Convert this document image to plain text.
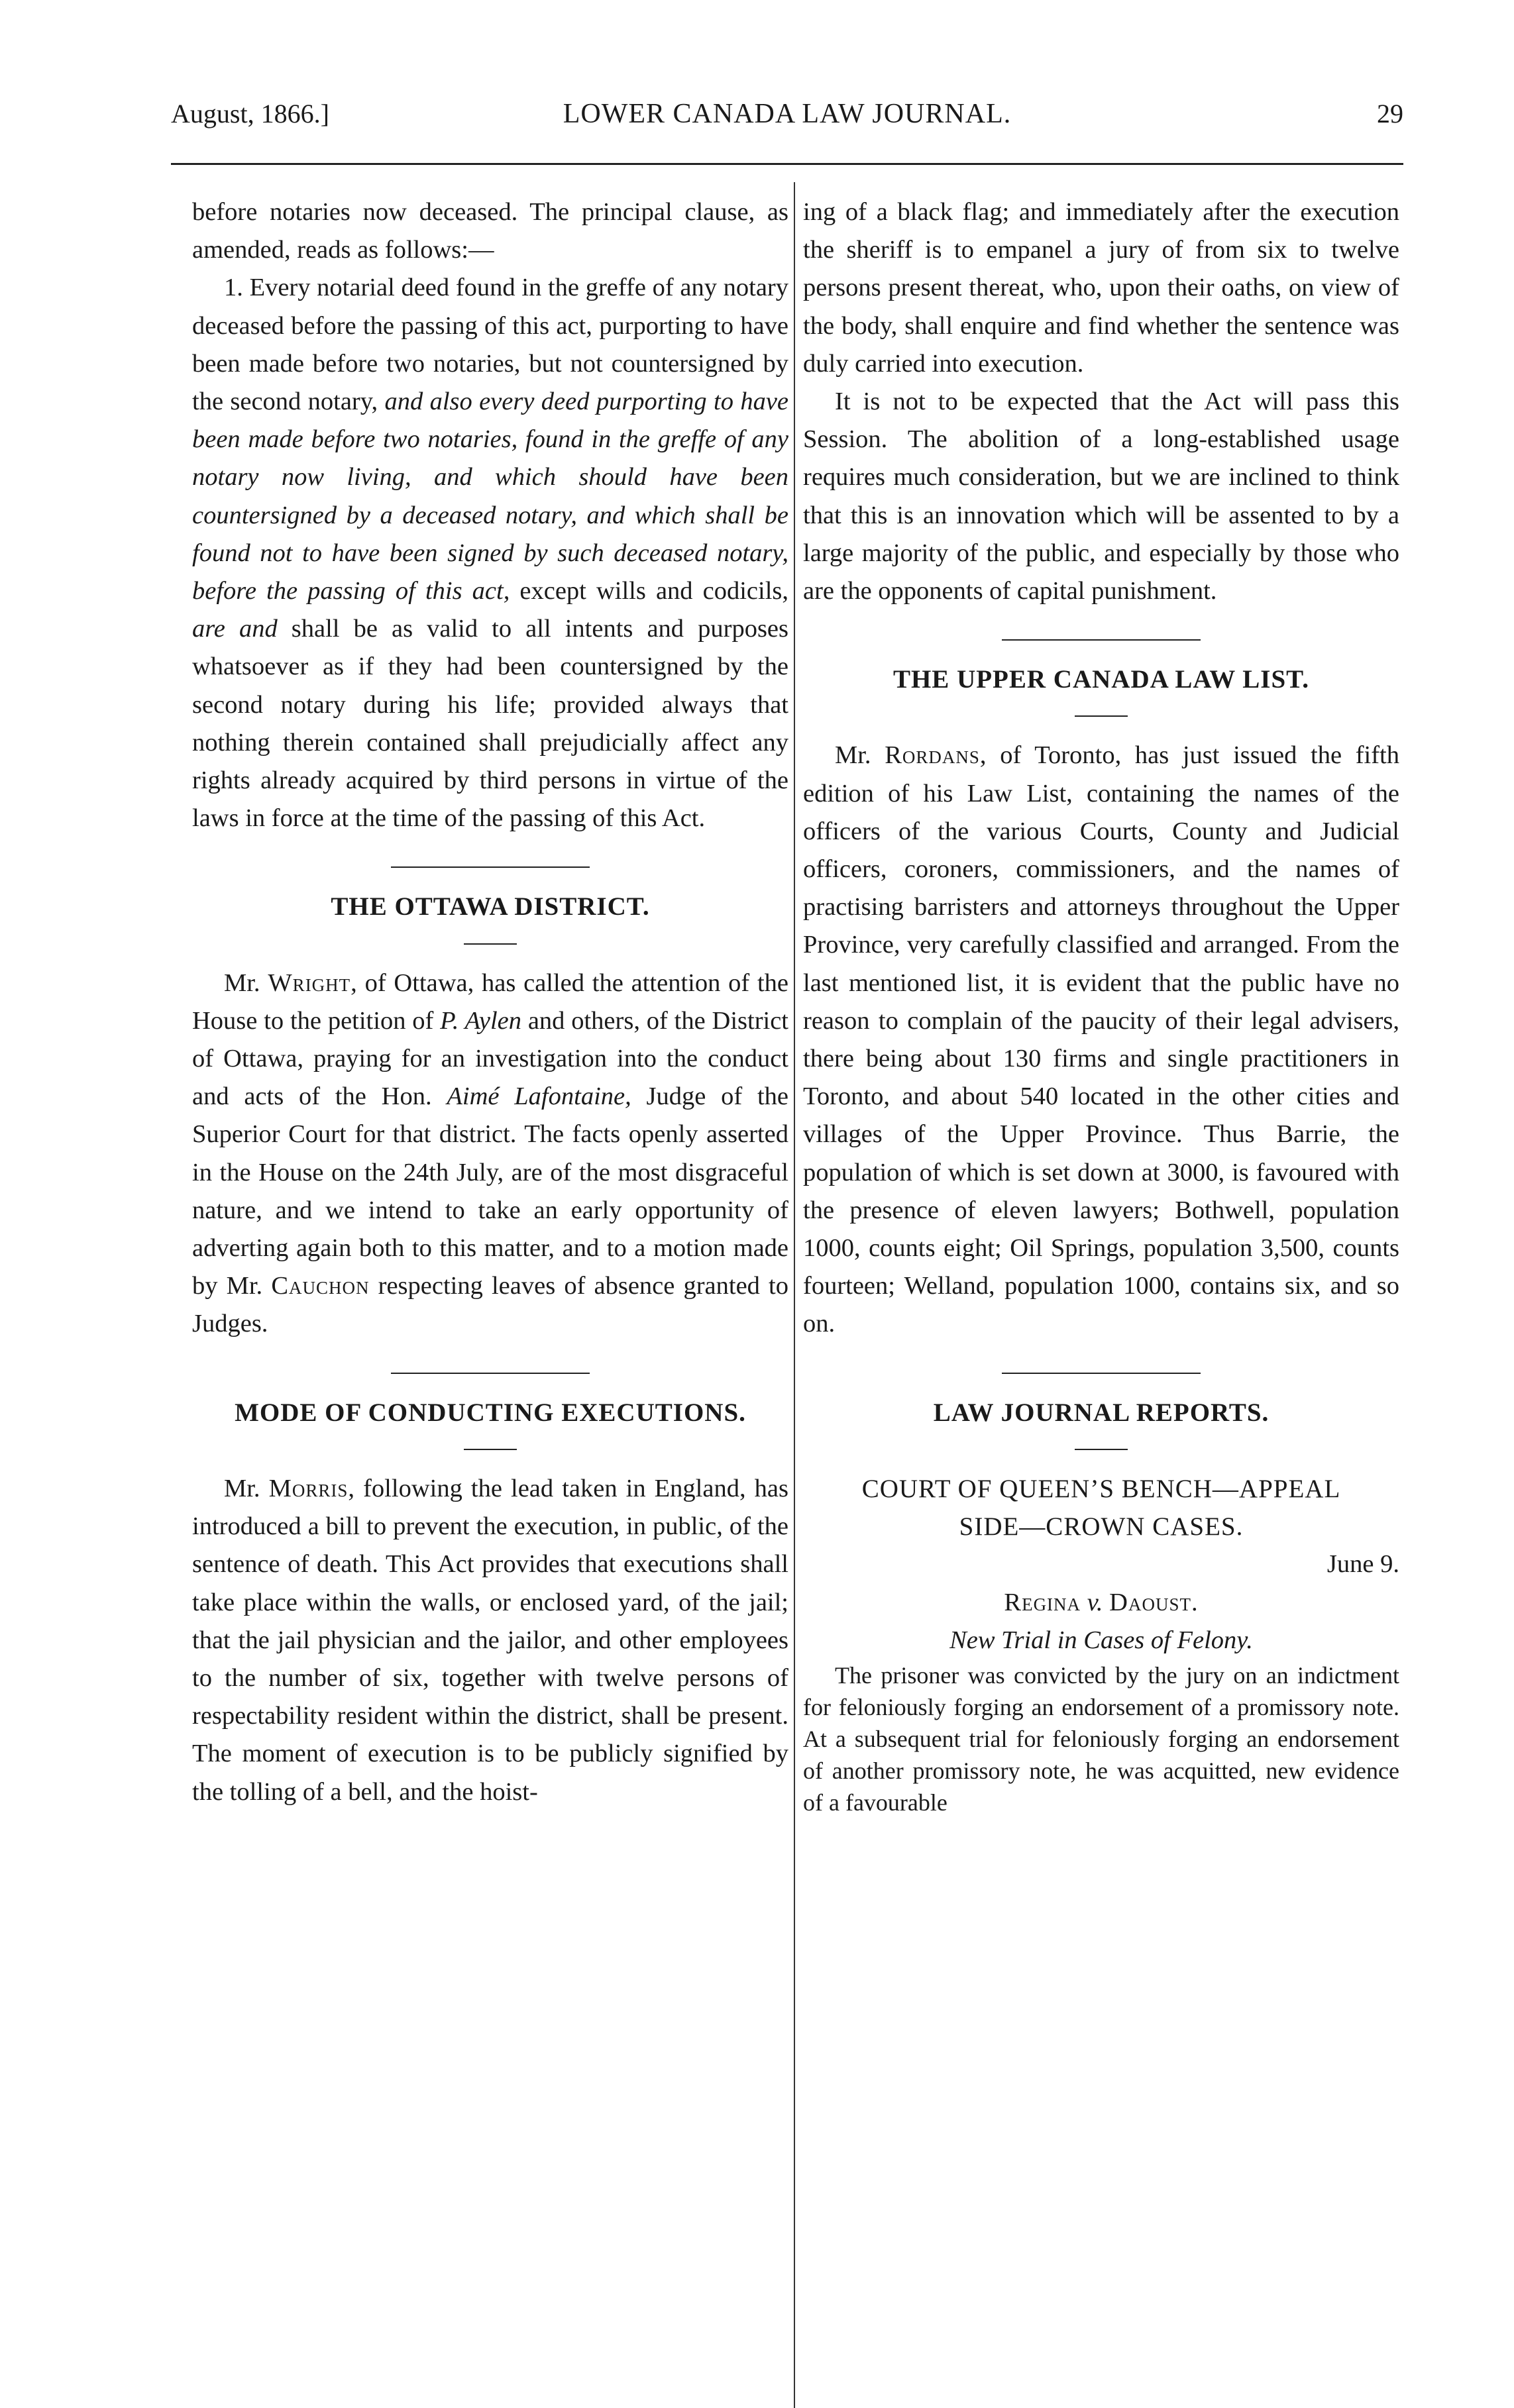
August, 1866.]	LOWER CANADA LAW JOURNAL.	29

before notaries now deceased. The principal clause, as amended, reads as follows:—

1. Every notarial deed found in the greffe of any notary deceased before the passing of this act, purporting to have been made before two notaries, but not countersigned by the second notary, and also every deed purporting to have been made before two notaries, found in the greffe of any notary now living, and which should have been countersigned by a deceased notary, and which shall be found not to have been signed by such deceased notary, before the passing of this act, except wills and codicils, are and shall be as valid to all intents and purposes whatsoever as if they had been countersigned by the second notary during his life; provided always that nothing therein contained shall prejudicially affect any rights already acquired by third persons in virtue of the laws in force at the time of the passing of this Act.

THE OTTAWA DISTRICT.

Mr. Wright, of Ottawa, has called the attention of the House to the petition of P. Aylen and others, of the District of Ottawa, praying for an investigation into the conduct and acts of the Hon. Aimé Lafontaine, Judge of the Superior Court for that district. The facts openly asserted in the House on the 24th July, are of the most disgraceful nature, and we intend to take an early opportunity of adverting again both to this matter, and to a motion made by Mr. Cauchon respecting leaves of absence granted to Judges.

MODE OF CONDUCTING EXECUTIONS.

Mr. Morris, following the lead taken in England, has introduced a bill to prevent the execution, in public, of the sentence of death. This Act provides that executions shall take place within the walls, or enclosed yard, of the jail; that the jail physician and the jailor, and other employees to the number of six, together with twelve persons of respectability resident within the district, shall be present. The moment of execution is to be publicly signified by the tolling of a bell, and the hoist-

ing of a black flag; and immediately after the execution the sheriff is to empanel a jury of from six to twelve persons present thereat, who, upon their oaths, on view of the body, shall enquire and find whether the sentence was duly carried into execution.

It is not to be expected that the Act will pass this Session. The abolition of a long-established usage requires much consideration, but we are inclined to think that this is an innovation which will be assented to by a large majority of the public, and especially by those who are the opponents of capital punishment.

THE UPPER CANADA LAW LIST.

Mr. Rordans, of Toronto, has just issued the fifth edition of his Law List, containing the names of the officers of the various Courts, County and Judicial officers, coroners, commissioners, and the names of practising barristers and attorneys throughout the Upper Province, very carefully classified and arranged. From the last mentioned list, it is evident that the public have no reason to complain of the paucity of their legal advisers, there being about 130 firms and single practitioners in Toronto, and about 540 located in the other cities and villages of the Upper Province. Thus Barrie, the population of which is set down at 3000, is favoured with the presence of eleven lawyers; Bothwell, population 1000, counts eight; Oil Springs, population 3,500, counts fourteen; Welland, population 1000, contains six, and so on.

LAW JOURNAL REPORTS.
COURT OF QUEEN’S BENCH—APPEAL
SIDE—CROWN CASES.
June 9.
Regina v. Daoust.
New Trial in Cases of Felony.

The prisoner was convicted by the jury on an indictment for feloniously forging an endorsement of a promissory note. At a subsequent trial for feloniously forging an endorsement of another promissory note, he was acquitted, new evidence of a favourable
